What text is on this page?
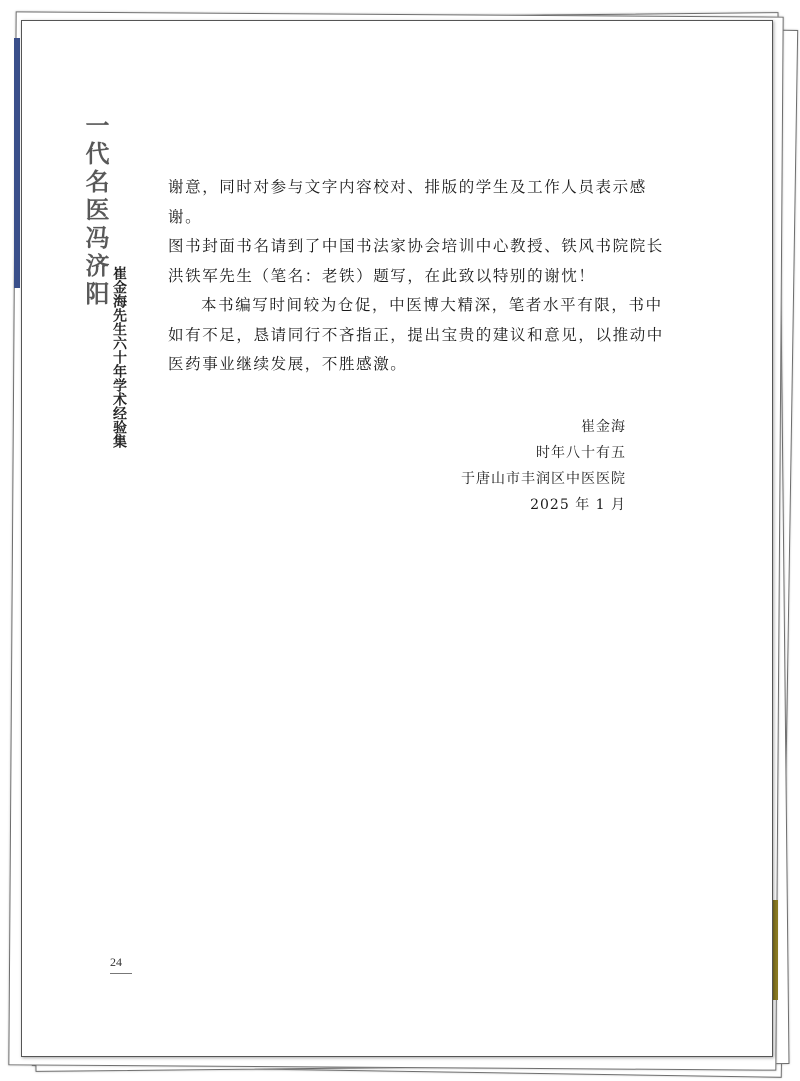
一代名医冯济阳
崔金海先生六十年学术经验集

谢意，同时对参与文字内容校对、排版的学生及工作人员表示感谢。

图书封面书名请到了中国书法家协会培训中心教授、铁风书院院长

洪铁军先生（笔名：老铁）题写，在此致以特别的谢忱！

本书编写时间较为仓促，中医博大精深，笔者水平有限，书中

如有不足，恳请同行不吝指正，提出宝贵的建议和意见，以推动中

医药事业继续发展，不胜感激。

崔金海
时年八十有五
于唐山市丰润区中医医院
2025 年 1 月
24
